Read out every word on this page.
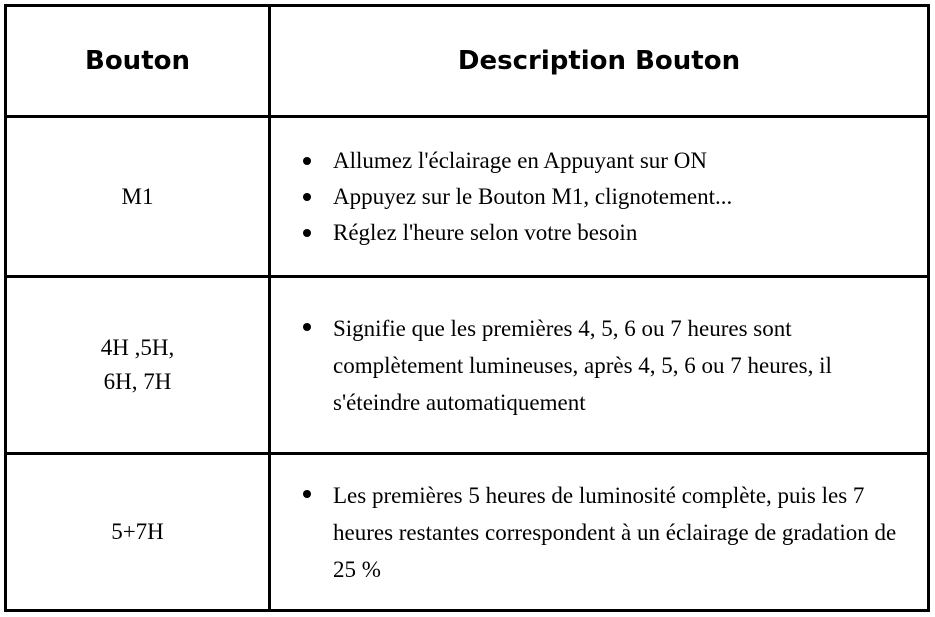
Bouton	Description Bouton
M1
Allumez l'éclairage en Appuyant sur ON
Appuyez sur le Bouton M1, clignotement...
Réglez l'heure selon votre besoin
4H ,5H,
6H, 7H
Signifie que les premières 4, 5, 6 ou 7 heures sont complètement lumineuses, après 4, 5, 6 ou 7 heures, il s'éteindre automatiquement
5+7H
Les premières 5 heures de luminosité complète, puis les 7 heures restantes correspondent à un éclairage de gradation de 25 %
